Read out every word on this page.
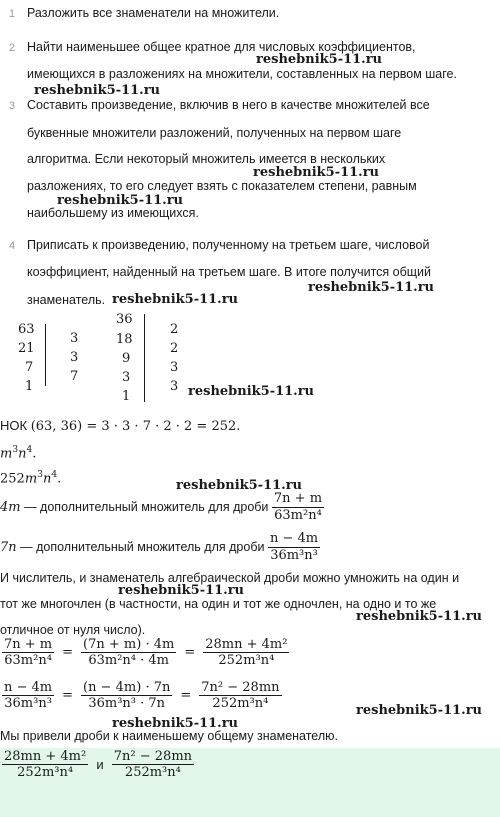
1 Разложить все знаменатели на множители.
2 Найти наименьшее общее кратное для числовых коэффициентов,
reshebnik5-11.ru
имеющихся в разложениях на множители, составленных на первом шаге.
reshebnik5-11.ru
3 Составить произведение, включив в него в качестве множителей все
буквенные множители разложений, полученных на первом шаге
алгоритма. Если некоторый множитель имеется в нескольких
reshebnik5-11.ru
разложениях, то его следует взять с показателем степени, равным
reshebnik5-11.ru
наибольшему из имеющихся.
4 Приписать к произведению, полученному на третьем шаге, числовой
коэффициент, найденный на третьем шаге. В итоге получится общий
reshebnik5-11.ru
знаменатель. reshebnik5-11.ru
63
21
7
1
3
3
7
36
18
9
3
1
2
2
3
3 reshebnik5-11.ru
НОК (63, 36) = 3 · 3 · 7 · 2 · 2 = 252.
$m^3n^4$.
$252m^3n^4$.	reshebnik5-11.ru
4m — дополнительный множитель для дроби $\frac{7n + m}{\text{63m²n⁴}}$
7n — дополнительный множитель для дроби $\frac{n - 4m}{\text{36m³n³}}$
И числитель, и знаменатель алгебраической дроби можно умножить на один и
reshebnik5-11.ru
тот же многочлен (в частности, на один и тот же одночлен, на одно и то же
reshebnik5-11.ru
отличное от нуля число).
$\frac{7n + m}{\text{63m²n⁴}} = \frac{(7n + m) \cdot 4m}{\text{63m²n⁴ · 4m}} = \frac{\text{28mn + 4m²}}{\text{252m³n⁴}}$
$\frac{n - 4m}{\text{36m³n³}} = \frac{(n - 4m) \cdot 7n}{\text{36m³n³ · 7n}} = \frac{\text{7n² − 28mn}}{\text{252m³n⁴}}$	reshebnik5-11.ru
reshebnik5-11.ru
Мы привели дроби к наименьшему общему знаменателю.
$\frac{\text{28mn + 4m²}}{\text{252m³n⁴}}$ и $\frac{\text{7n² − 28mn}}{\text{252m³n⁴}}$
